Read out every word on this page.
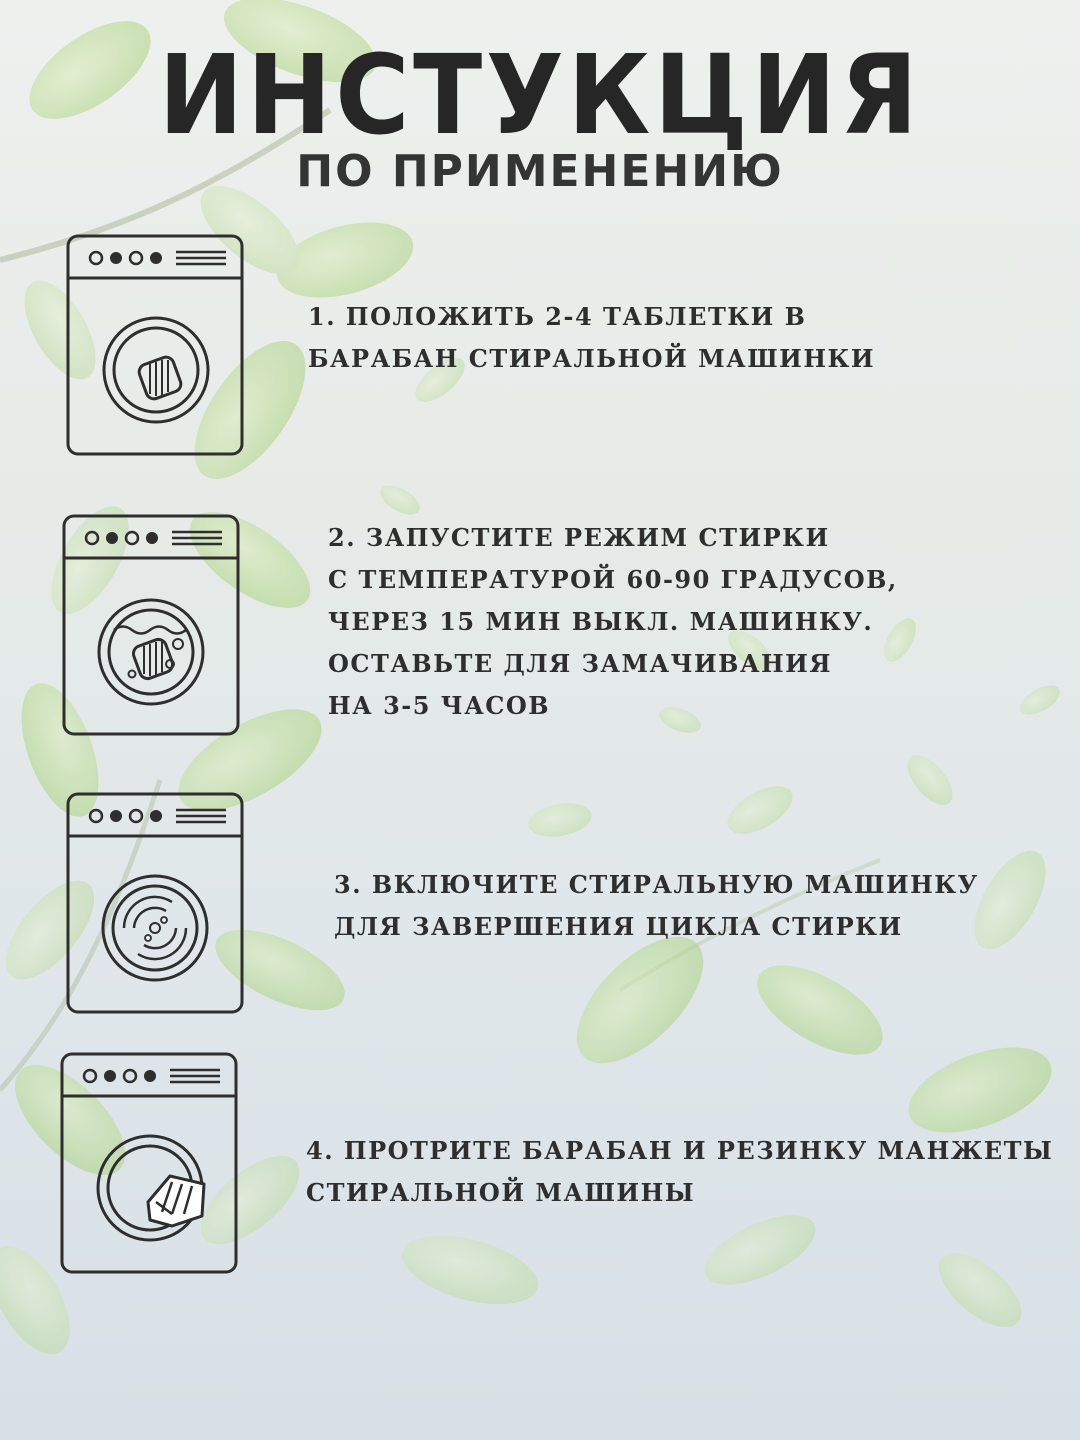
ИНСТУКЦИЯ
ПО ПРИМЕНЕНИЮ
1. ПОЛОЖИТЬ 2-4 ТАБЛЕТКИ В
БАРАБАН СТИРАЛЬНОЙ МАШИНКИ
2. ЗАПУСТИТЕ РЕЖИМ СТИРКИ
С ТЕМПЕРАТУРОЙ 60-90 ГРАДУСОВ,
ЧЕРЕЗ 15 МИН ВЫКЛ. МАШИНКУ.
ОСТАВЬТЕ ДЛЯ ЗАМАЧИВАНИЯ
НА 3-5 ЧАСОВ
3. ВКЛЮЧИТЕ СТИРАЛЬНУЮ МАШИНКУ
ДЛЯ ЗАВЕРШЕНИЯ ЦИКЛА СТИРКИ
4. ПРОТРИТЕ БАРАБАН И РЕЗИНКУ МАНЖЕТЫ
СТИРАЛЬНОЙ МАШИНЫ
